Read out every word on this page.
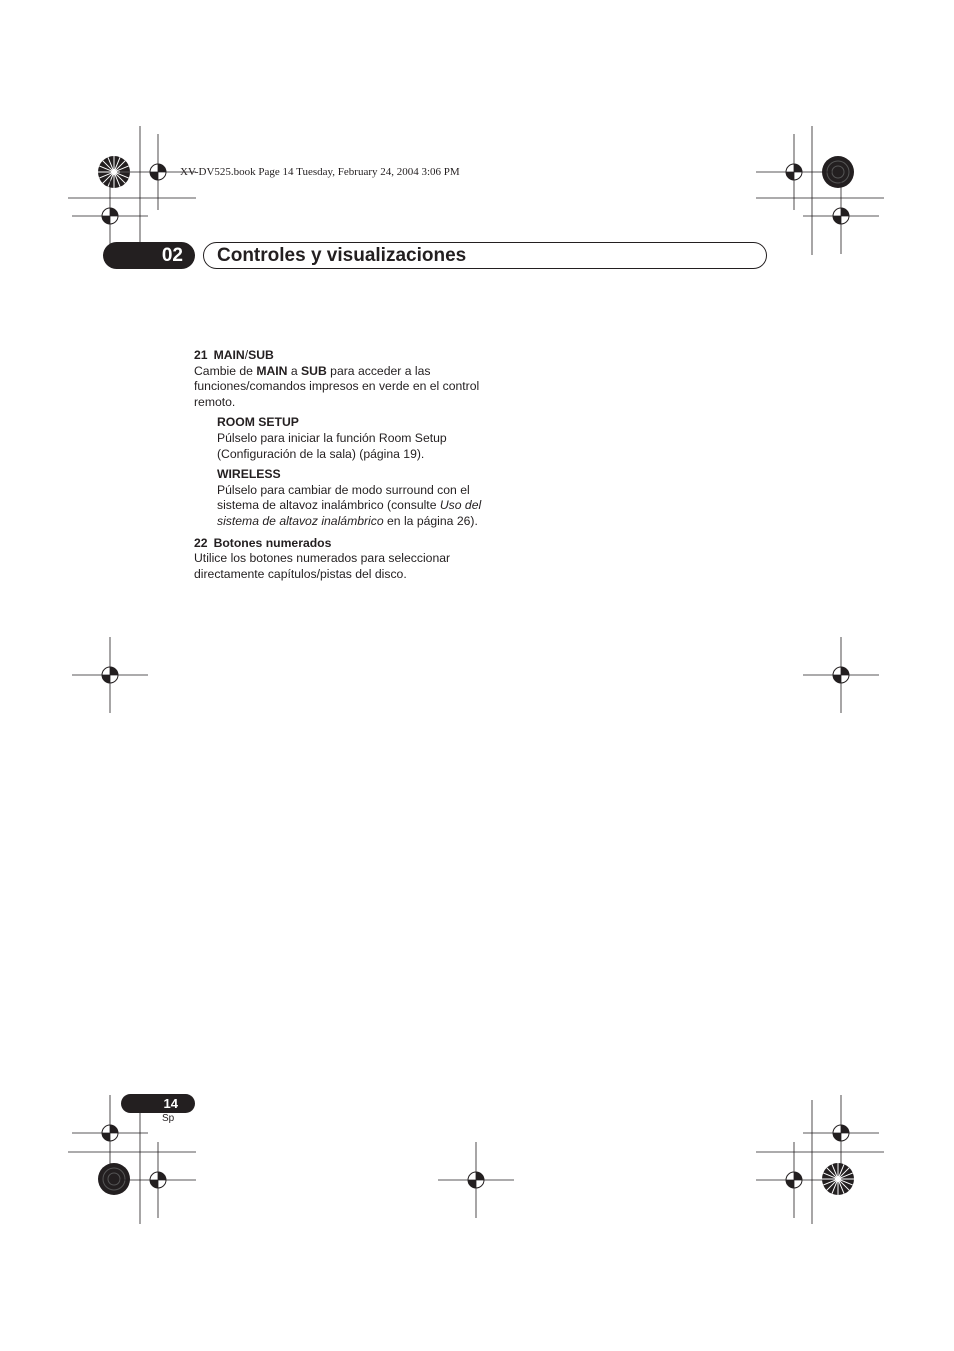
XV-DV525.book Page 14 Tuesday, February 24, 2004 3:06 PM
02	Controles y visualizaciones

21 MAIN/SUB

Cambie de MAIN a SUB para acceder a las funciones/comandos impresos en verde en el control remoto.

ROOM SETUP

Púlselo para iniciar la función Room Setup (Configuración de la sala) (página 19).

WIRELESS

Púlselo para cambiar de modo surround con el sistema de altavoz inalámbrico (consulte Uso del sistema de altavoz inalámbrico en la página 26).

22 Botones numerados

Utilice los botones numerados para seleccionar directamente capítulos/pistas del disco.

14
Sp
